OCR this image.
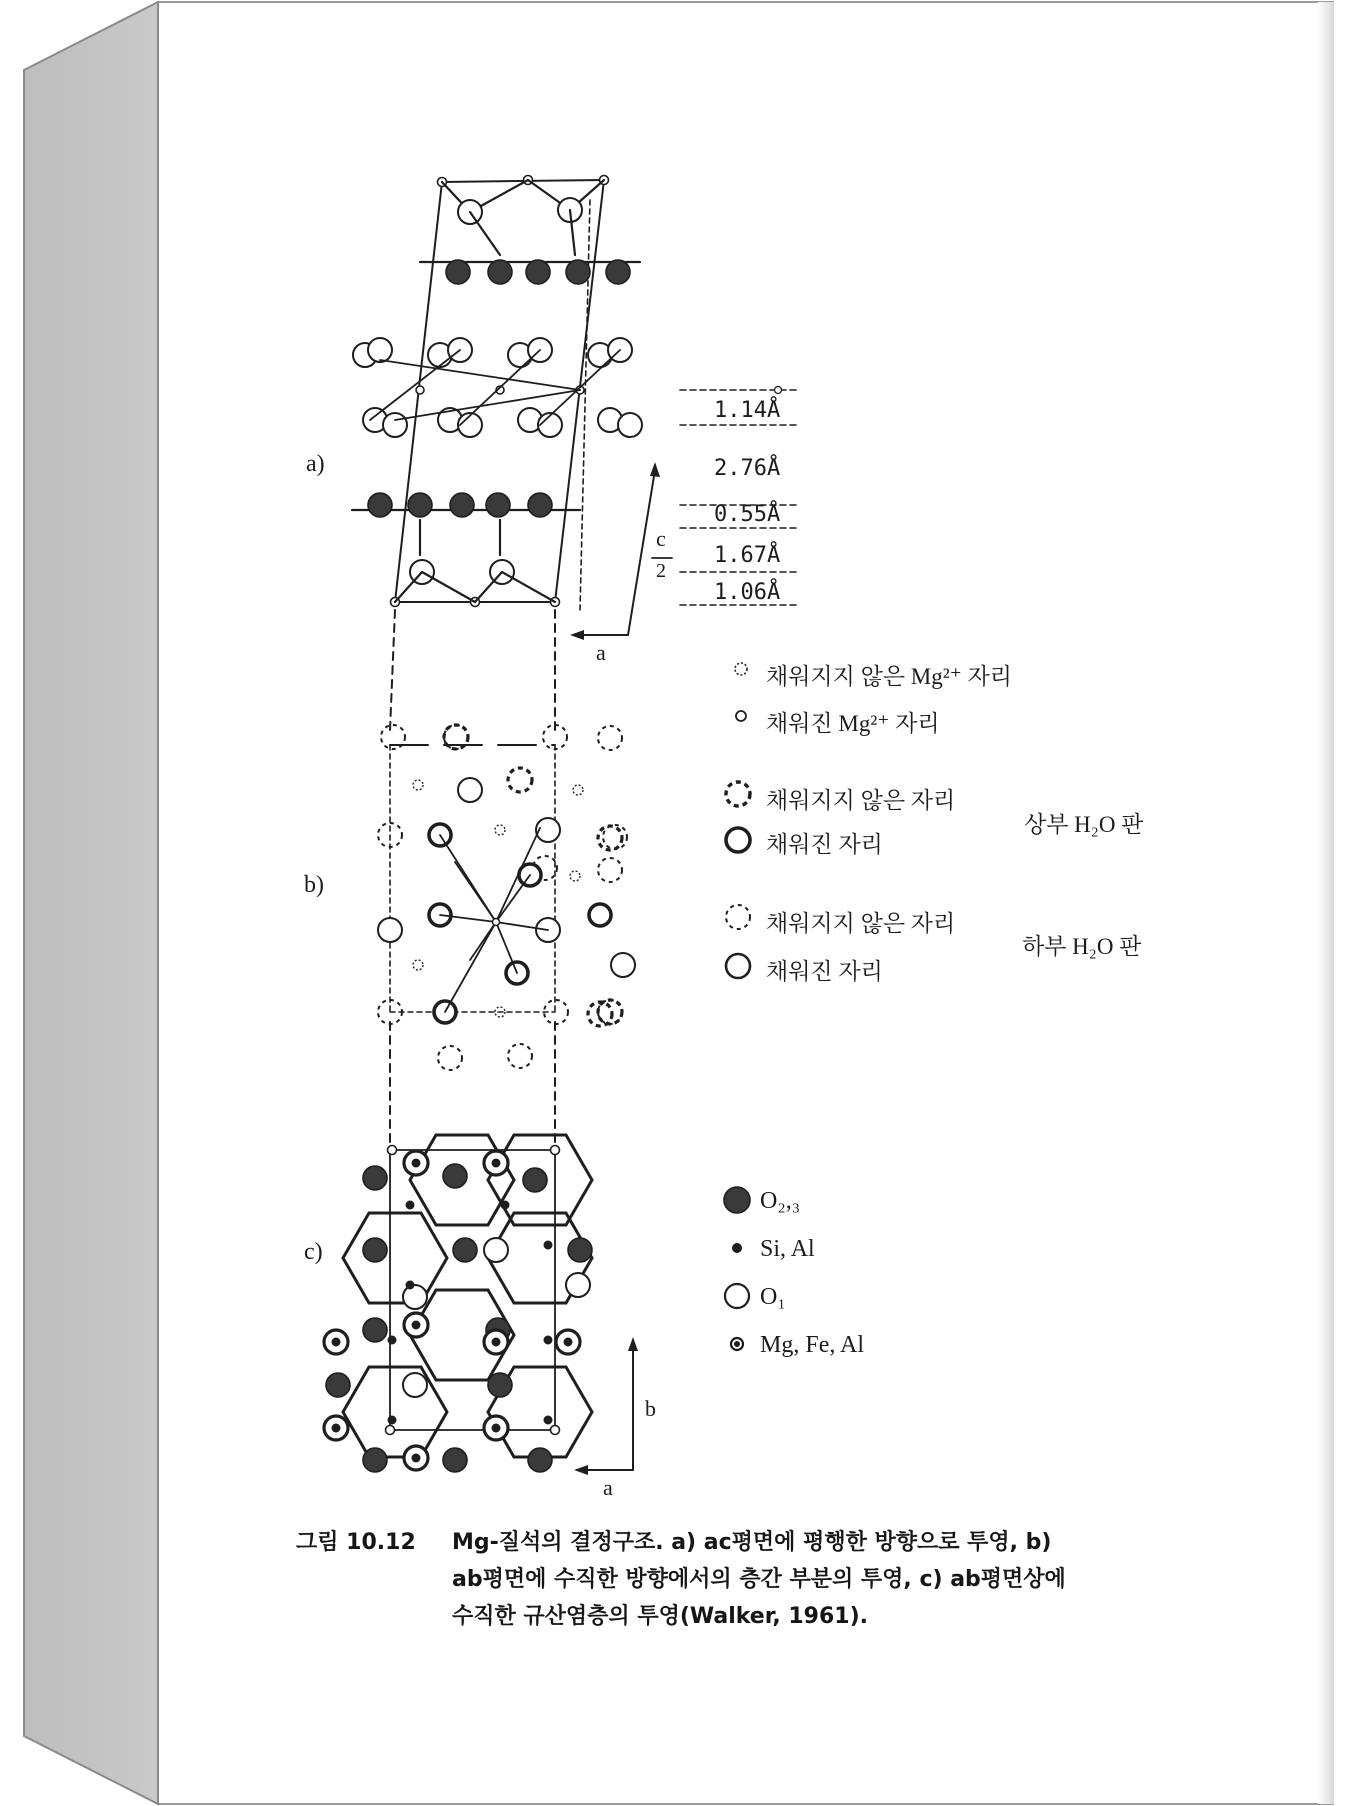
a)
b)
c)
a
c
2
a
b
1.14Å
2.76Å
0.55Å
1.67Å
1.06Å
채워지지 않은 Mg²⁺ 자리
채워진 Mg²⁺ 자리
채워지지 않은 자리
채워진 자리
상부 H₂O 판
채워지지 않은 자리
채워진 자리
하부 H₂O 판
O₂,₃
Si, Al
O₁
Mg, Fe, Al
그림 10.12	Mg-질석의 결정구조. a) ac평면에 평행한 방향으로 투영, b)
ab평면에 수직한 방향에서의 층간 부분의 투영, c) ab평면상에
수직한 규산염층의 투영(Walker, 1961).
